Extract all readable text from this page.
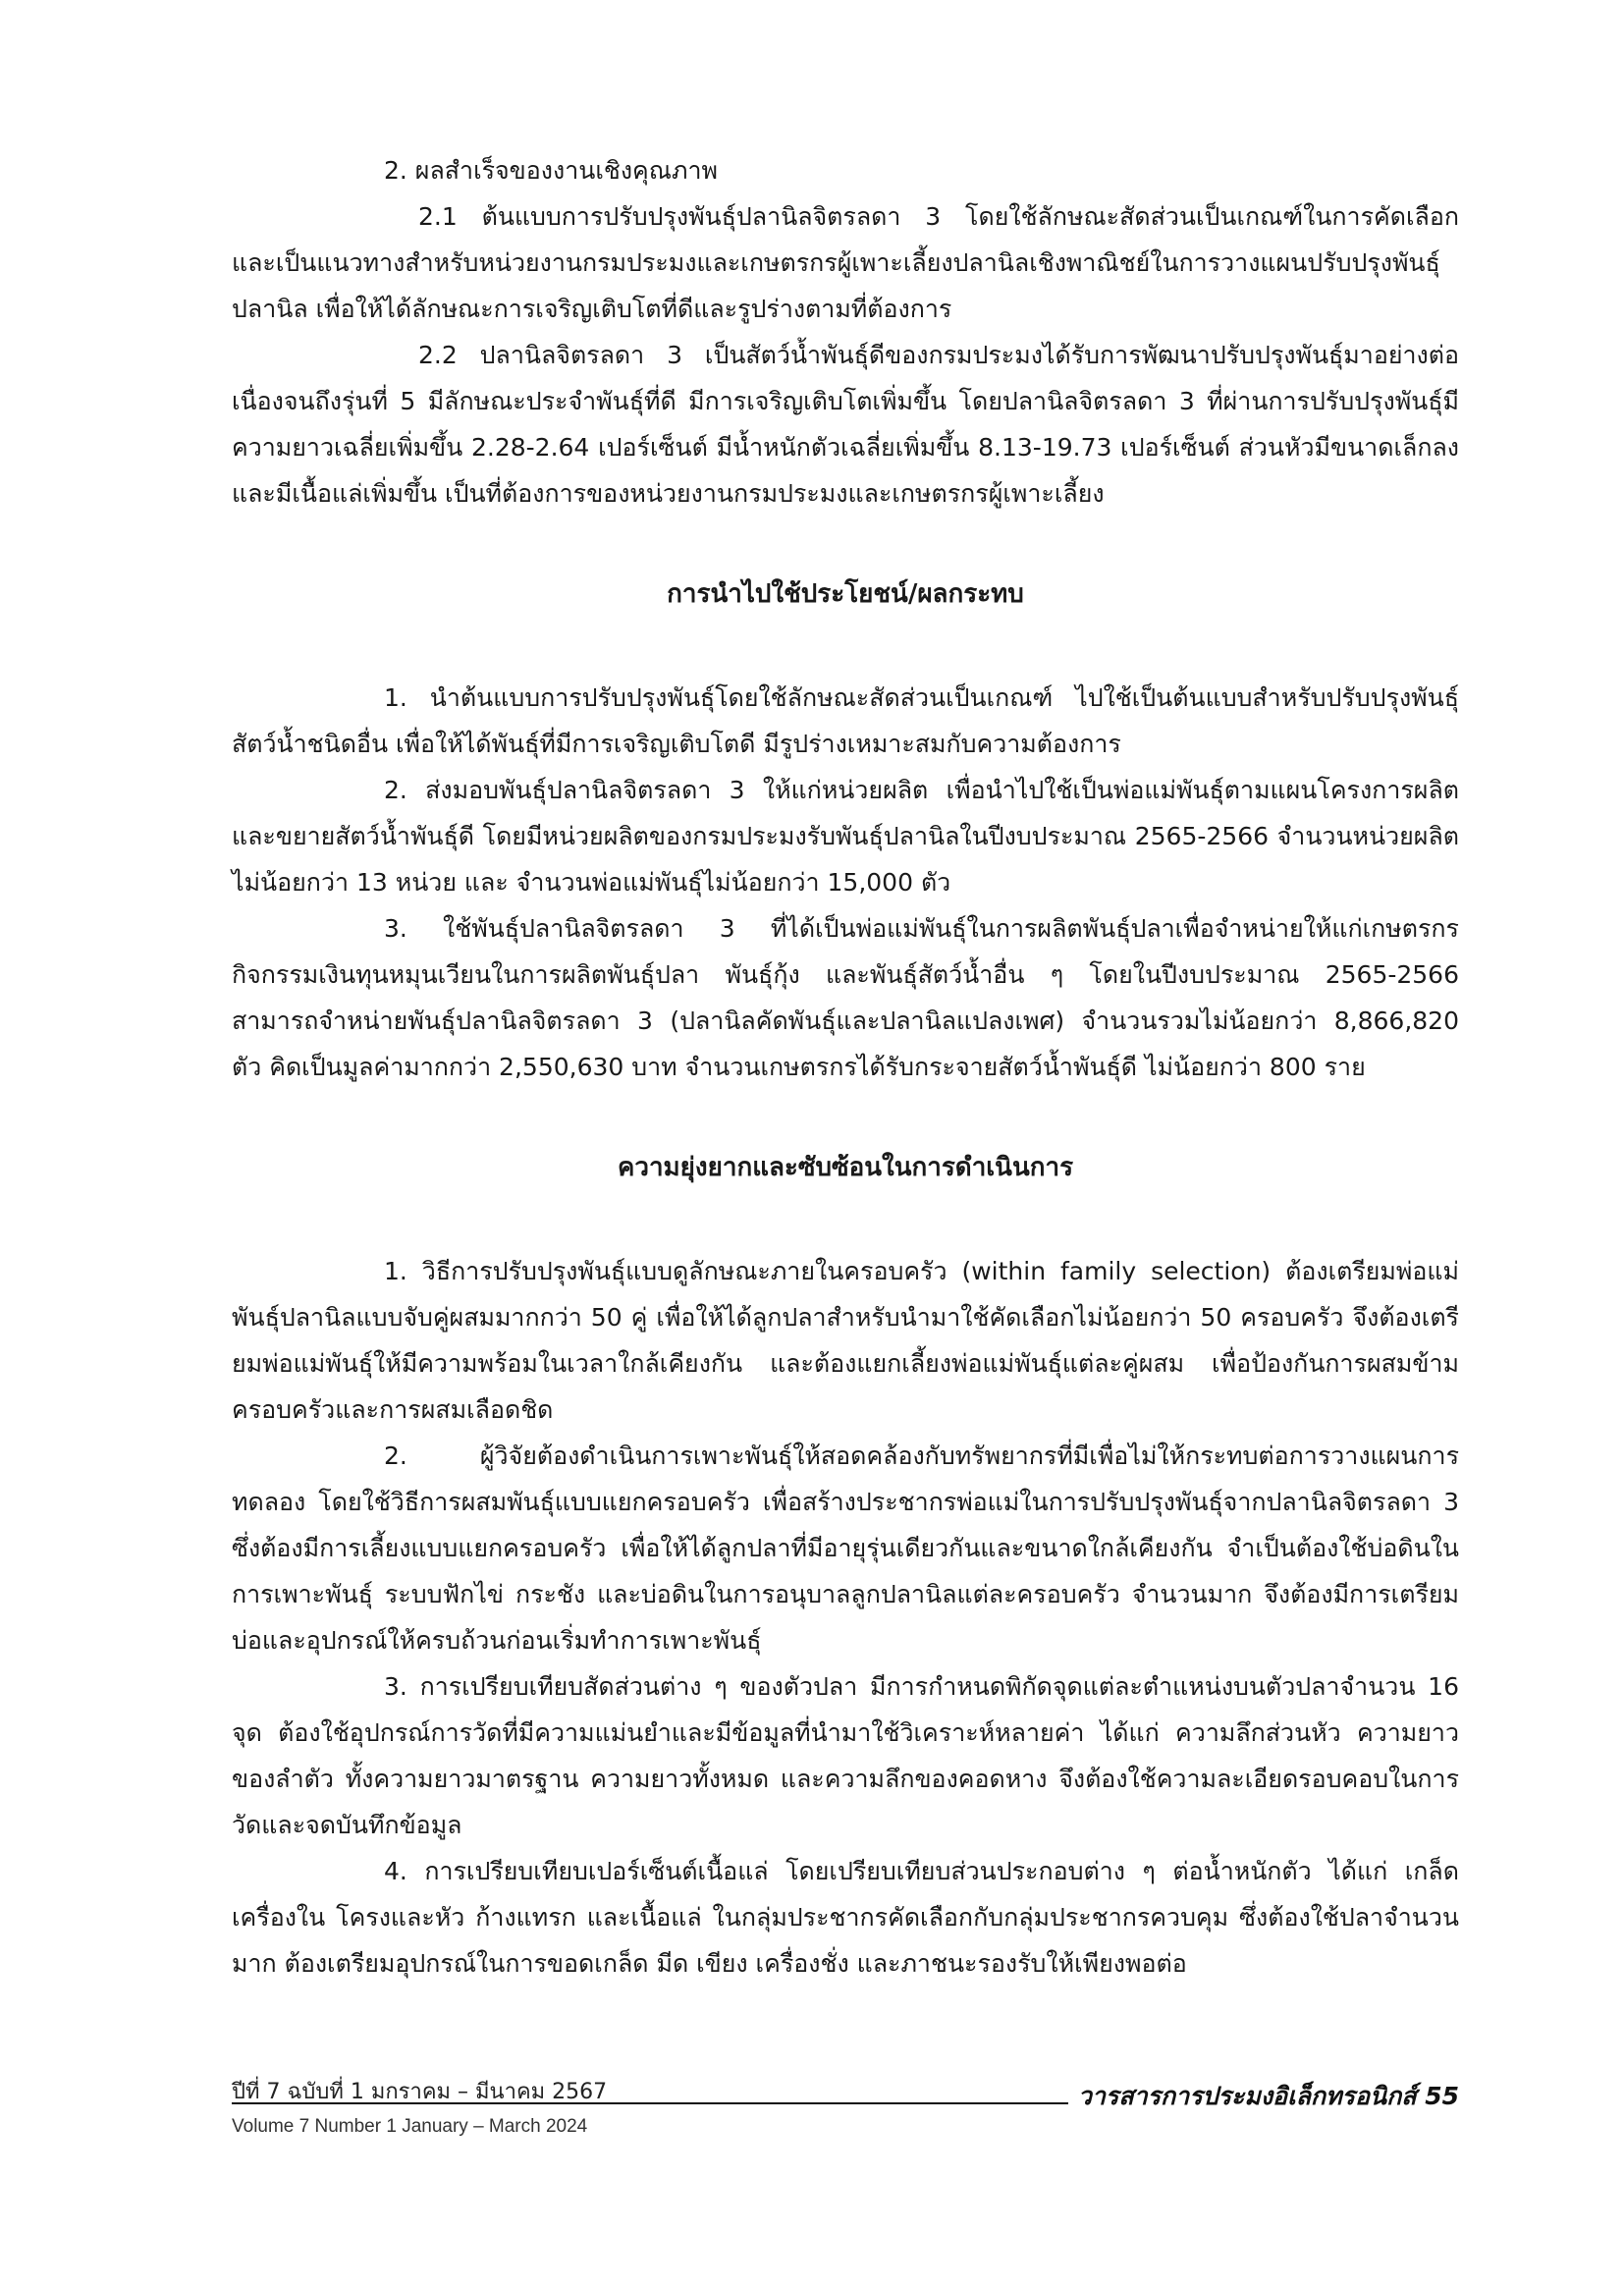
2. ผลสำเร็จของงานเชิงคุณภาพ

2.1 ต้นแบบการปรับปรุงพันธุ์ปลานิลจิตรลดา 3 โดยใช้ลักษณะสัดส่วนเป็นเกณฑ์ในการคัดเลือก และเป็นแนวทางสำหรับหน่วยงานกรมประมงและเกษตรกรผู้เพาะเลี้ยงปลานิลเชิงพาณิชย์ในการวางแผนปรับปรุงพันธุ์ปลานิล เพื่อให้ได้ลักษณะการเจริญเติบโตที่ดีและรูปร่างตามที่ต้องการ

2.2 ปลานิลจิตรลดา 3 เป็นสัตว์น้ำพันธุ์ดีของกรมประมงได้รับการพัฒนาปรับปรุงพันธุ์มาอย่างต่อเนื่องจนถึงรุ่นที่ 5 มีลักษณะประจำพันธุ์ที่ดี มีการเจริญเติบโตเพิ่มขึ้น โดยปลานิลจิตรลดา 3 ที่ผ่านการปรับปรุงพันธุ์มีความยาวเฉลี่ยเพิ่มขึ้น 2.28-2.64 เปอร์เซ็นต์ มีน้ำหนักตัวเฉลี่ยเพิ่มขึ้น 8.13-19.73 เปอร์เซ็นต์ ส่วนหัวมีขนาดเล็กลง และมีเนื้อแล่เพิ่มขึ้น เป็นที่ต้องการของหน่วยงานกรมประมงและเกษตรกรผู้เพาะเลี้ยง

การนำไปใช้ประโยชน์/ผลกระทบ

1. นำต้นแบบการปรับปรุงพันธุ์โดยใช้ลักษณะสัดส่วนเป็นเกณฑ์ ไปใช้เป็นต้นแบบสำหรับปรับปรุงพันธุ์สัตว์น้ำชนิดอื่น เพื่อให้ได้พันธุ์ที่มีการเจริญเติบโตดี มีรูปร่างเหมาะสมกับความต้องการ

2. ส่งมอบพันธุ์ปลานิลจิตรลดา 3 ให้แก่หน่วยผลิต เพื่อนำไปใช้เป็นพ่อแม่พันธุ์ตามแผนโครงการผลิตและขยายสัตว์น้ำพันธุ์ดี โดยมีหน่วยผลิตของกรมประมงรับพันธุ์ปลานิลในปีงบประมาณ 2565-2566 จำนวนหน่วยผลิตไม่น้อยกว่า 13 หน่วย และ จำนวนพ่อแม่พันธุ์ไม่น้อยกว่า 15,000 ตัว

3. ใช้พันธุ์ปลานิลจิตรลดา 3 ที่ได้เป็นพ่อแม่พันธุ์ในการผลิตพันธุ์ปลาเพื่อจำหน่ายให้แก่เกษตรกร กิจกรรมเงินทุนหมุนเวียนในการผลิตพันธุ์ปลา พันธุ์กุ้ง และพันธุ์สัตว์น้ำอื่น ๆ โดยในปีงบประมาณ 2565-2566 สามารถจำหน่ายพันธุ์ปลานิลจิตรลดา 3 (ปลานิลคัดพันธุ์และปลานิลแปลงเพศ) จำนวนรวมไม่น้อยกว่า 8,866,820 ตัว คิดเป็นมูลค่ามากกว่า 2,550,630 บาท จำนวนเกษตรกรได้รับกระจายสัตว์น้ำพันธุ์ดี ไม่น้อยกว่า 800 ราย

ความยุ่งยากและซับซ้อนในการดำเนินการ

1. วิธีการปรับปรุงพันธุ์แบบดูลักษณะภายในครอบครัว (within family selection) ต้องเตรียมพ่อแม่พันธุ์ปลานิลแบบจับคู่ผสมมากกว่า 50 คู่ เพื่อให้ได้ลูกปลาสำหรับนำมาใช้คัดเลือกไม่น้อยกว่า 50 ครอบครัว จึงต้องเตรียมพ่อแม่พันธุ์ให้มีความพร้อมในเวลาใกล้เคียงกัน และต้องแยกเลี้ยงพ่อแม่พันธุ์แต่ละคู่ผสม เพื่อป้องกันการผสมข้ามครอบครัวและการผสมเลือดชิด

2. ผู้วิจัยต้องดำเนินการเพาะพันธุ์ให้สอดคล้องกับทรัพยากรที่มีเพื่อไม่ให้กระทบต่อการวางแผนการทดลอง โดยใช้วิธีการผสมพันธุ์แบบแยกครอบครัว เพื่อสร้างประชากรพ่อแม่ในการปรับปรุงพันธุ์จากปลานิลจิตรลดา 3 ซึ่งต้องมีการเลี้ยงแบบแยกครอบครัว เพื่อให้ได้ลูกปลาที่มีอายุรุ่นเดียวกันและขนาดใกล้เคียงกัน จำเป็นต้องใช้บ่อดินในการเพาะพันธุ์ ระบบฟักไข่ กระชัง และบ่อดินในการอนุบาลลูกปลานิลแต่ละครอบครัว จำนวนมาก จึงต้องมีการเตรียมบ่อและอุปกรณ์ให้ครบถ้วนก่อนเริ่มทำการเพาะพันธุ์

3. การเปรียบเทียบสัดส่วนต่าง ๆ ของตัวปลา มีการกำหนดพิกัดจุดแต่ละตำแหน่งบนตัวปลาจำนวน 16 จุด ต้องใช้อุปกรณ์การวัดที่มีความแม่นยำและมีข้อมูลที่นำมาใช้วิเคราะห์หลายค่า ได้แก่ ความลึกส่วนหัว ความยาวของลำตัว ทั้งความยาวมาตรฐาน ความยาวทั้งหมด และความลึกของคอดหาง จึงต้องใช้ความละเอียดรอบคอบในการวัดและจดบันทึกข้อมูล

4. การเปรียบเทียบเปอร์เซ็นต์เนื้อแล่ โดยเปรียบเทียบส่วนประกอบต่าง ๆ ต่อน้ำหนักตัว ได้แก่ เกล็ด เครื่องใน โครงและหัว ก้างแทรก และเนื้อแล่ ในกลุ่มประชากรคัดเลือกกับกลุ่มประชากรควบคุม ซึ่งต้องใช้ปลาจำนวนมาก ต้องเตรียมอุปกรณ์ในการขอดเกล็ด มีด เขียง เครื่องชั่ง และภาชนะรองรับให้เพียงพอต่อ

ปีที่ 7 ฉบับที่ 1 มกราคม – มีนาคม 2567	วารสารการประมงอิเล็กทรอนิกส์ 55
Volume 7 Number 1 January – March 2024
